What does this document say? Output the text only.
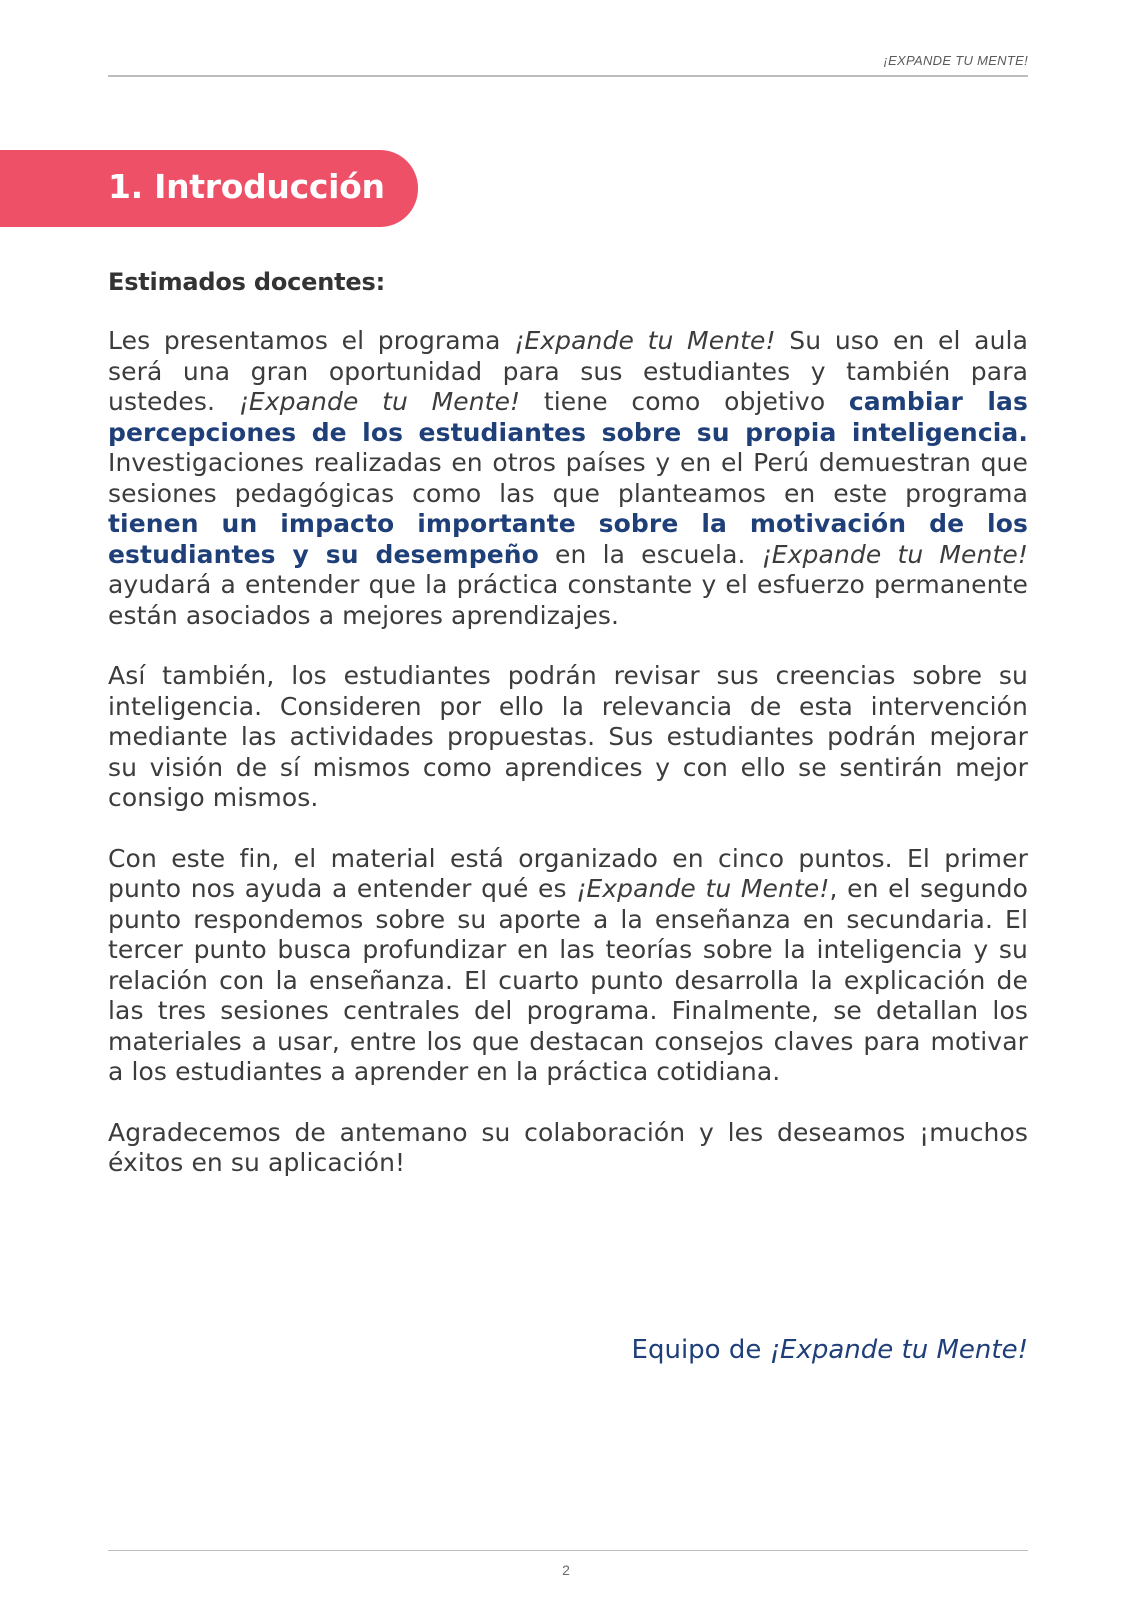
¡EXPANDE TU MENTE!
1. Introducción

Estimados docentes:

Les presentamos el programa ¡Expande tu Mente! Su uso en el aula será una gran oportunidad para sus estudiantes y también para ustedes. ¡Expande tu Mente! tiene como objetivo cambiar las percepciones de los estudiantes sobre su propia inteligencia. Investigaciones realizadas en otros países y en el Perú demuestran que sesiones pedagógicas como las que planteamos en este programa tienen un impacto importante sobre la motivación de los estudiantes y su desempeño en la escuela. ¡Expande tu Mente! ayudará a entender que la práctica constante y el esfuerzo permanente están asociados a mejores aprendizajes.

Así también, los estudiantes podrán revisar sus creencias sobre su inteligencia. Consideren por ello la relevancia de esta intervención mediante las actividades propuestas. Sus estudiantes podrán mejorar su visión de sí mismos como aprendices y con ello se sentirán mejor consigo mismos.

Con este fin, el material está organizado en cinco puntos. El primer punto nos ayuda a entender qué es ¡Expande tu Mente!, en el segundo punto respondemos sobre su aporte a la enseñanza en secundaria. El tercer punto busca profundizar en las teorías sobre la inteligencia y su relación con la enseñanza. El cuarto punto desarrolla la explicación de las tres sesiones centrales del programa. Finalmente, se detallan los materiales a usar, entre los que destacan consejos claves para motivar a los estudiantes a aprender en la práctica cotidiana.

Agradecemos de antemano su colaboración y les deseamos ¡muchos éxitos en su aplicación!

Equipo de ¡Expande tu Mente!
2
